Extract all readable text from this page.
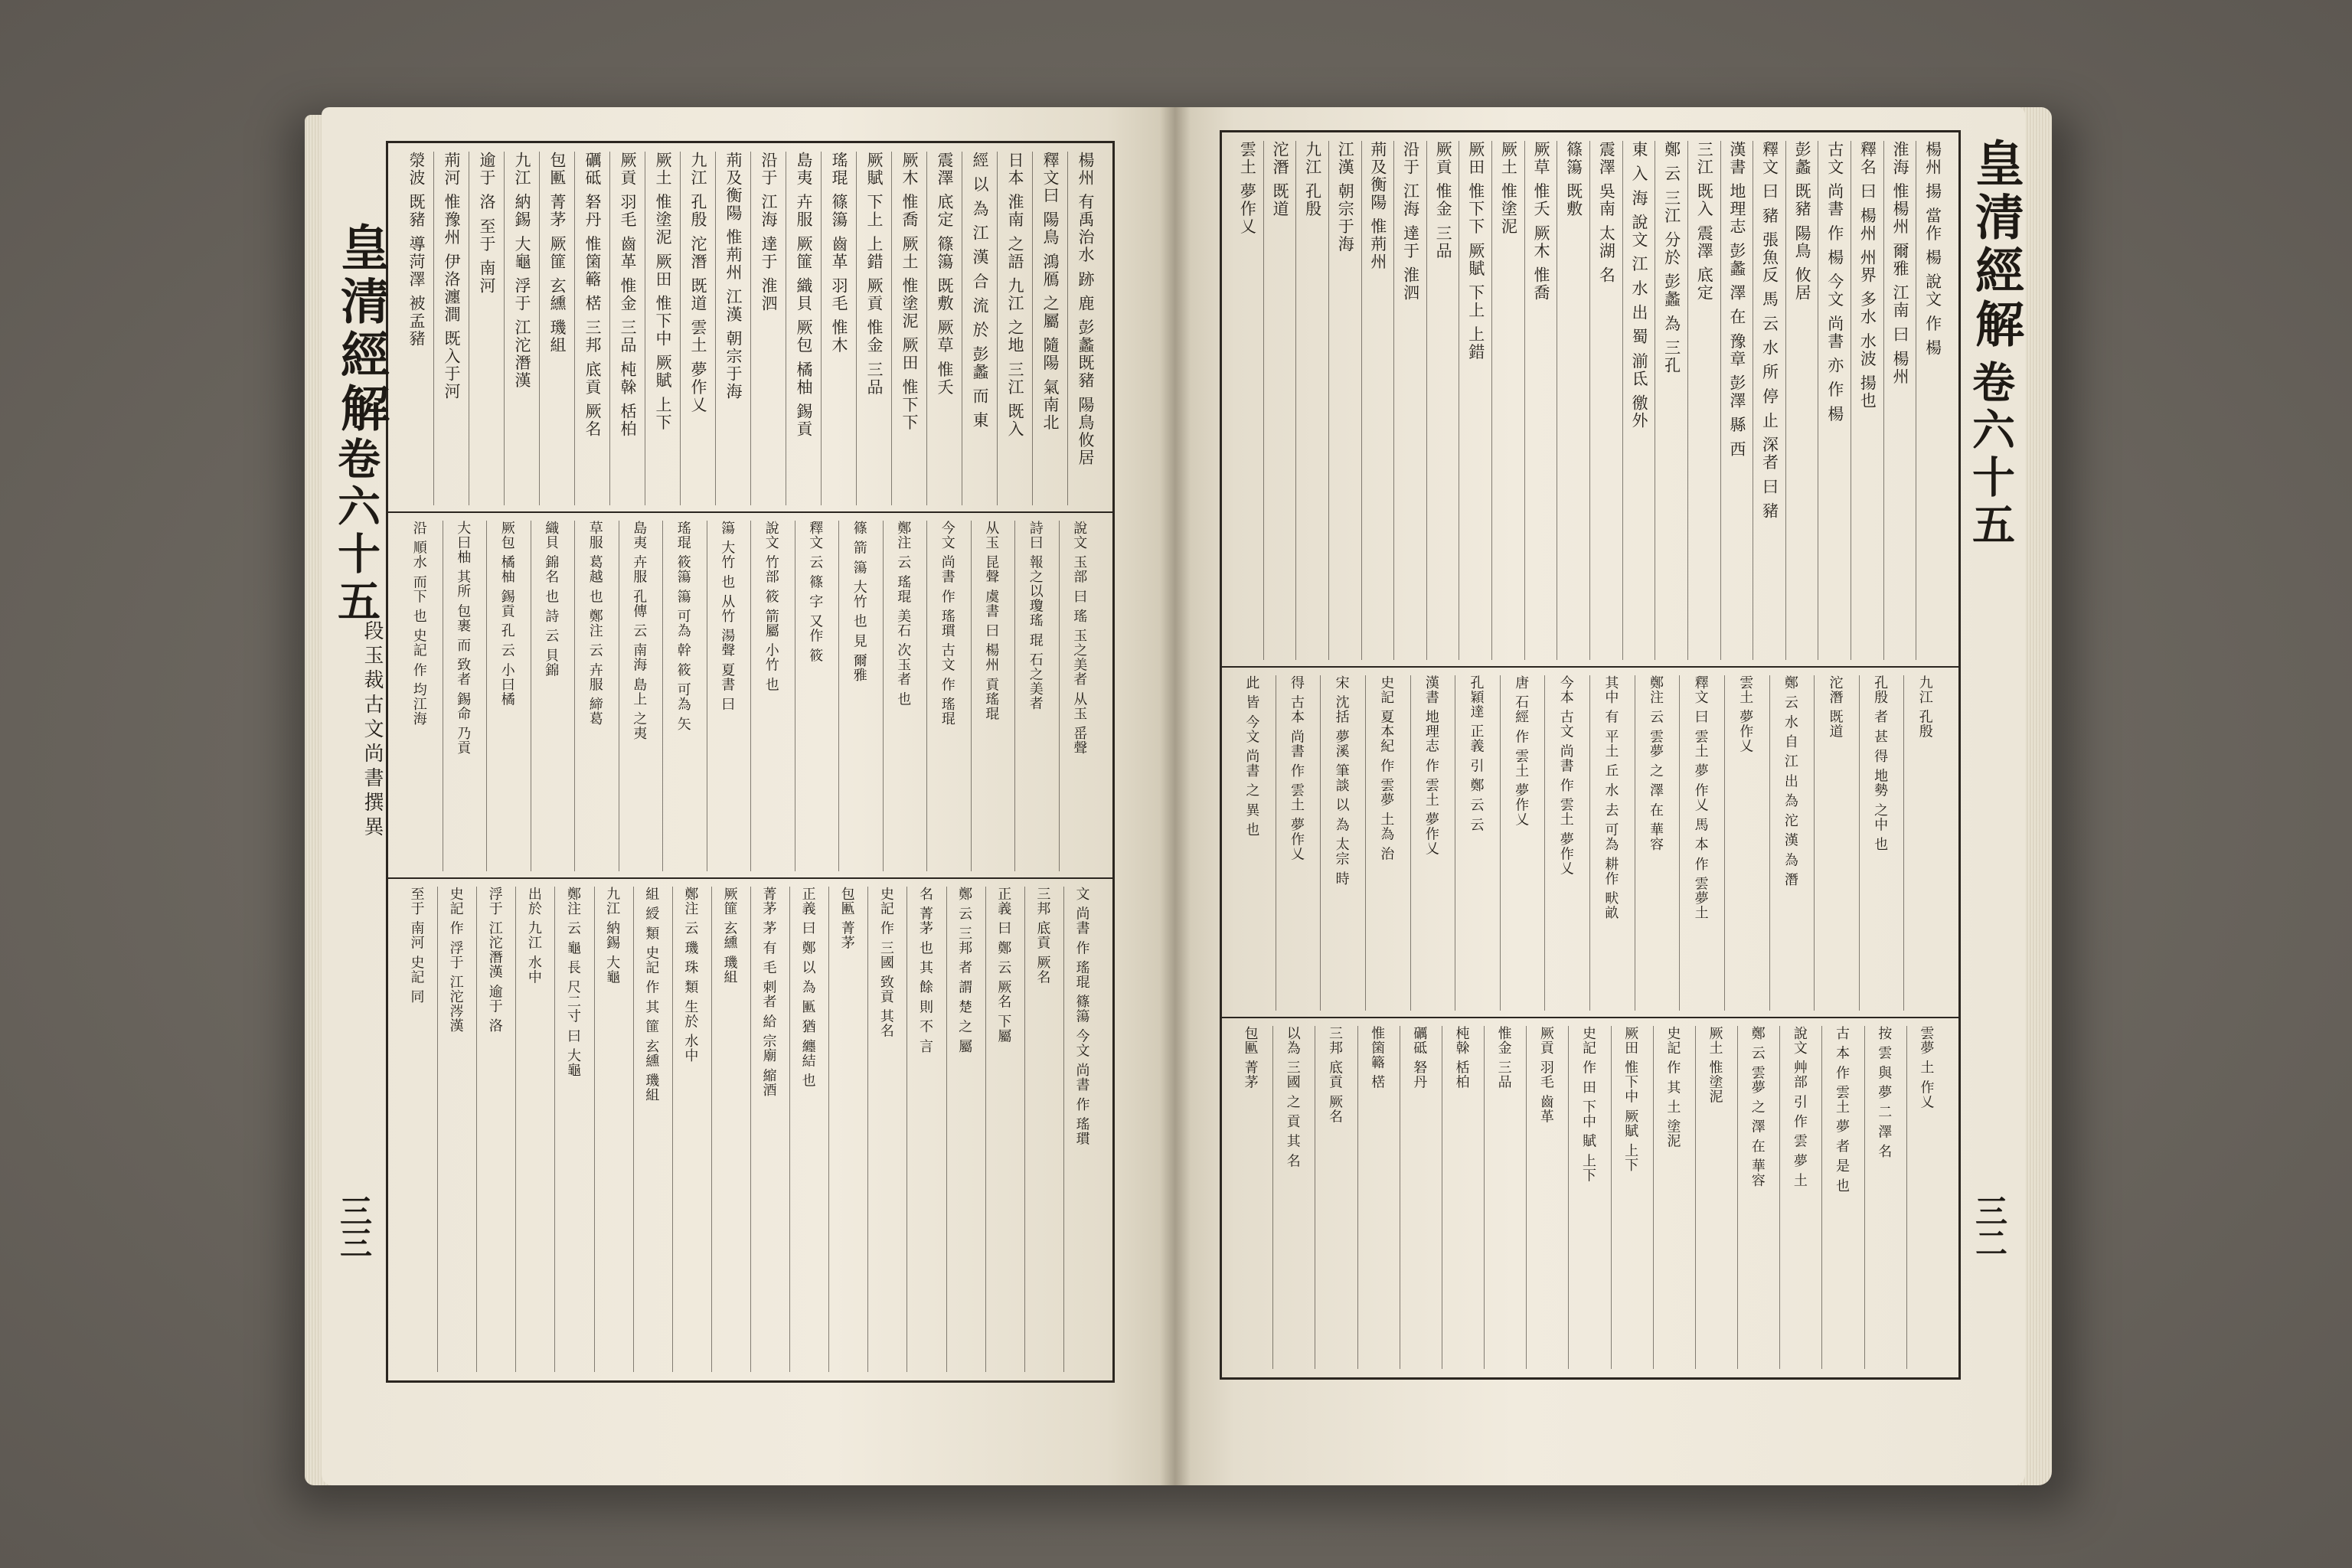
楊州 有禹治水 跡 鹿 彭蠡既豬 陽鳥攸居
釋文曰 陽鳥 鴻鴈 之屬 隨陽 氣南北
日本 淮南 之語 九江 之地 三江 既入
經 以 為 江 漢 合 流 於 彭蠡 而 東
震澤 底定 篠簜 既敷 厥草 惟夭
厥木 惟喬 厥土 惟塗泥 厥田 惟下下
厥賦 下上 上錯 厥貢 惟金 三品
瑤琨 篠簜 齒革 羽毛 惟木
島夷 卉服 厥篚 織貝 厥包 橘柚 錫貢
沿于 江海 達于 淮泗
荊及衡陽 惟荊州 江漢 朝宗于海
九江 孔殷 沱潛 既道 雲土 夢作乂
厥土 惟塗泥 厥田 惟下中 厥賦 上下
厥貢 羽毛 齒革 惟金 三品 杶榦 栝柏
礪砥 砮丹 惟箘簵 楛 三邦 底貢 厥名
包匭 菁茅 厥篚 玄纁 璣組
九江 納錫 大龜 浮于 江沱潛漢
逾于 洛 至于 南河
荊河 惟豫州 伊洛瀍澗 既入于河
滎波 既豬 導菏澤 被孟豬
說文 玉部 曰 瑤 玉之美者 从玉 䍃聲
詩曰 報之以瓊瑤 琨 石之美者
从玉 昆聲 虞書 曰 楊州 貢瑤琨
今文 尚書 作 瑤瑻 古文 作 瑤琨
鄭注 云 瑤琨 美石 次玉者 也
篠 箭 簜 大竹 也 見 爾雅
釋文 云 篠 字 又作 筱
說文 竹部 筱 箭屬 小竹 也
簜 大竹 也 从竹 湯聲 夏書 曰
瑤琨 筱簜 簜 可為 幹 筱 可為 矢
島夷 卉服 孔傳 云 南海 島上 之夷
草服 葛越 也 鄭注 云 卉服 締葛
織貝 錦名 也 詩 云 貝錦
厥包 橘柚 錫貢 孔 云 小曰橘
大曰柚 其所 包裹 而 致者 錫命 乃貢
沿 順水 而下 也 史記 作 均江海
文 尚書 作 瑤琨 篠簜 今文 尚書 作 瑤瑻
三邦 底貢 厥名
正義 曰 鄭 云 厥名 下屬
鄭 云 三邦 者 謂 楚 之 屬
名 菁茅 也 其 餘 則 不 言
史記 作 三國 致貢 其名
包匭 菁茅
正義 曰 鄭 以 為 匭 猶 纏結 也
菁茅 茅 有 毛 刺者 給 宗廟 縮酒
厥篚 玄纁 璣組
鄭注 云 璣 珠 類 生於 水中
組 綬 類 史記 作 其 篚 玄纁 璣組
九江 納錫 大龜
鄭注 云 龜 長 尺二寸 曰 大龜
出於 九江 水中
浮于 江沱潛漢 逾于 洛
史記 作 浮于 江沱涔漢
至于 南河 史記 同
皇清經解
卷六十五
三三
段玉裁古文尚書撰異
楊州 揚 當作 楊 說文 作 楊
淮海 惟楊州 爾雅 江南 曰 楊州
釋名 曰 楊州 州界 多水 水波 揚也
古文 尚書 作 楊 今文 尚書 亦 作 楊
彭蠡 既豬 陽鳥 攸居
釋文 曰 豬 張魚反 馬 云 水 所 停 止 深者 曰 豬
漢書 地理志 彭蠡 澤 在 豫章 彭澤 縣 西
三江 既入 震澤 底定
鄭 云 三江 分於 彭蠡 為 三孔
東 入 海 說文 江 水 出 蜀 湔氐 徼外
震澤 吳南 太湖 名
篠簜 既敷
厥草 惟夭 厥木 惟喬
厥土 惟塗泥
厥田 惟下下 厥賦 下上 上錯
厥貢 惟金 三品
沿于 江海 達于 淮泗
荊及衡陽 惟荊州
江漢 朝宗于海
九江 孔殷
沱潛 既道
雲土 夢作乂
九江 孔殷
孔殷 者 甚 得 地勢 之中 也
沱潛 既道
鄭 云 水 自 江 出 為 沱 漢 為 潛
雲土 夢作乂
釋文 曰 雲土 夢 作乂 馬 本 作 雲夢土
鄭注 云 雲夢 之 澤 在 華容
其中 有 平土 丘 水 去 可為 耕作 畎畝
今本 古文 尚書 作 雲土 夢作乂
唐 石經 作 雲土 夢作乂
孔穎達 正義 引 鄭 云 云
漢書 地理志 作 雲土 夢作乂
史記 夏本紀 作 雲夢 土為 治
宋 沈括 夢溪 筆談 以 為 太宗 時
得 古本 尚書 作 雲土 夢作乂
此 皆 今文 尚書 之 異 也
雲夢 土 作乂
按 雲 與 夢 二 澤 名
古 本 作 雲土 夢 者 是 也
說文 艸部 引 作 雲 夢 土
鄭 云 雲夢 之 澤 在 華容
厥土 惟塗泥
史記 作 其 土 塗泥
厥田 惟下中 厥賦 上下
史記 作 田 下中 賦 上下
厥貢 羽毛 齒革
惟金 三品
杶榦 栝柏
礪砥 砮丹
惟箘簵 楛
三邦 底貢 厥名
以為 三國 之 貢 其 名
包匭 菁茅
皇清經解
卷六十五
三二
